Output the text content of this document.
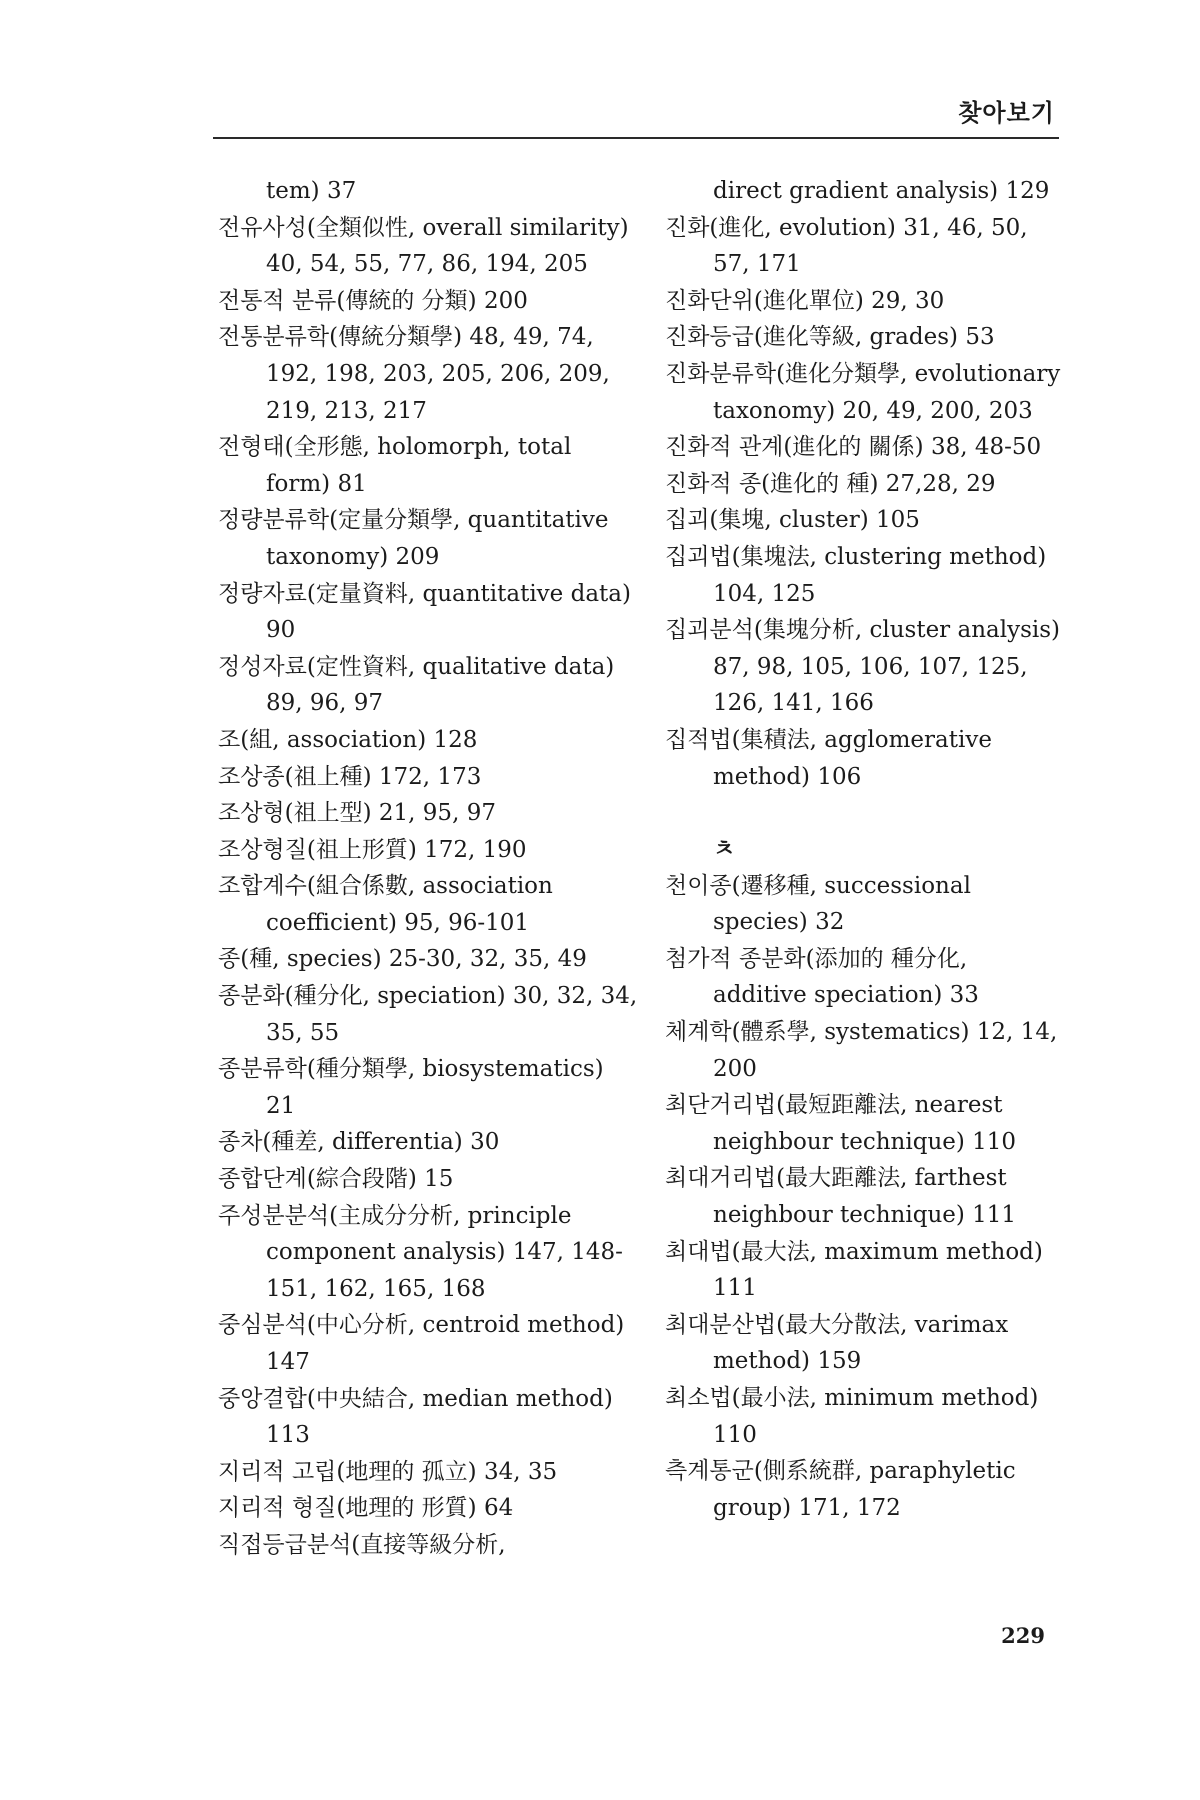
찾아보기
tem) 37
전유사성(全類似性, overall similarity) 40, 54, 55, 77, 86, 194, 205
전통적 분류(傳統的 分類) 200
전통분류학(傳統分類學) 48, 49, 74, 192, 198, 203, 205, 206, 209, 219, 213, 217
전형태(全形態, holomorph, total form) 81
정량분류학(定量分類學, quantitative taxonomy) 209
정량자료(定量資料, quantitative data) 90
정성자료(定性資料, qualitative data) 89, 96, 97
조(組, association) 128
조상종(祖上種) 172, 173
조상형(祖上型) 21, 95, 97
조상형질(祖上形質) 172, 190
조합계수(組合係數, association coefficient) 95, 96-101
종(種, species) 25-30, 32, 35, 49
종분화(種分化, speciation) 30, 32, 34, 35, 55
종분류학(種分類學, biosystematics) 21
종차(種差, differentia) 30
종합단계(綜合段階) 15
주성분분석(主成分分析, principle component analysis) 147, 148-151, 162, 165, 168
중심분석(中心分析, centroid method) 147
중앙결합(中央結合, median method) 113
지리적 고립(地理的 孤立) 34, 35
지리적 형질(地理的 形質) 64
직접등급분석(直接等級分析,
direct gradient analysis) 129
진화(進化, evolution) 31, 46, 50, 57, 171
진화단위(進化單位) 29, 30
진화등급(進化等級, grades) 53
진화분류학(進化分類學, evolutionary taxonomy) 20, 49, 200, 203
진화적 관계(進化的 關係) 38, 48-50
진화적 종(進化的 種) 27,28, 29
집괴(集塊, cluster) 105
집괴법(集塊法, clustering method) 104, 125
집괴분석(集塊分析, cluster analysis) 87, 98, 105, 106, 107, 125, 126, 141, 166
집적법(集積法, agglomerative method) 106
ㅊ
천이종(遷移種, successional species) 32
첨가적 종분화(添加的 種分化, additive speciation) 33
체계학(體系學, systematics) 12, 14, 200
최단거리법(最短距離法, nearest neighbour technique) 110
최대거리법(最大距離法, farthest neighbour technique) 111
최대법(最大法, maximum method) 111
최대분산법(最大分散法, varimax method) 159
최소법(最小法, minimum method) 110
측계통군(側系統群, paraphyletic group) 171, 172
229
